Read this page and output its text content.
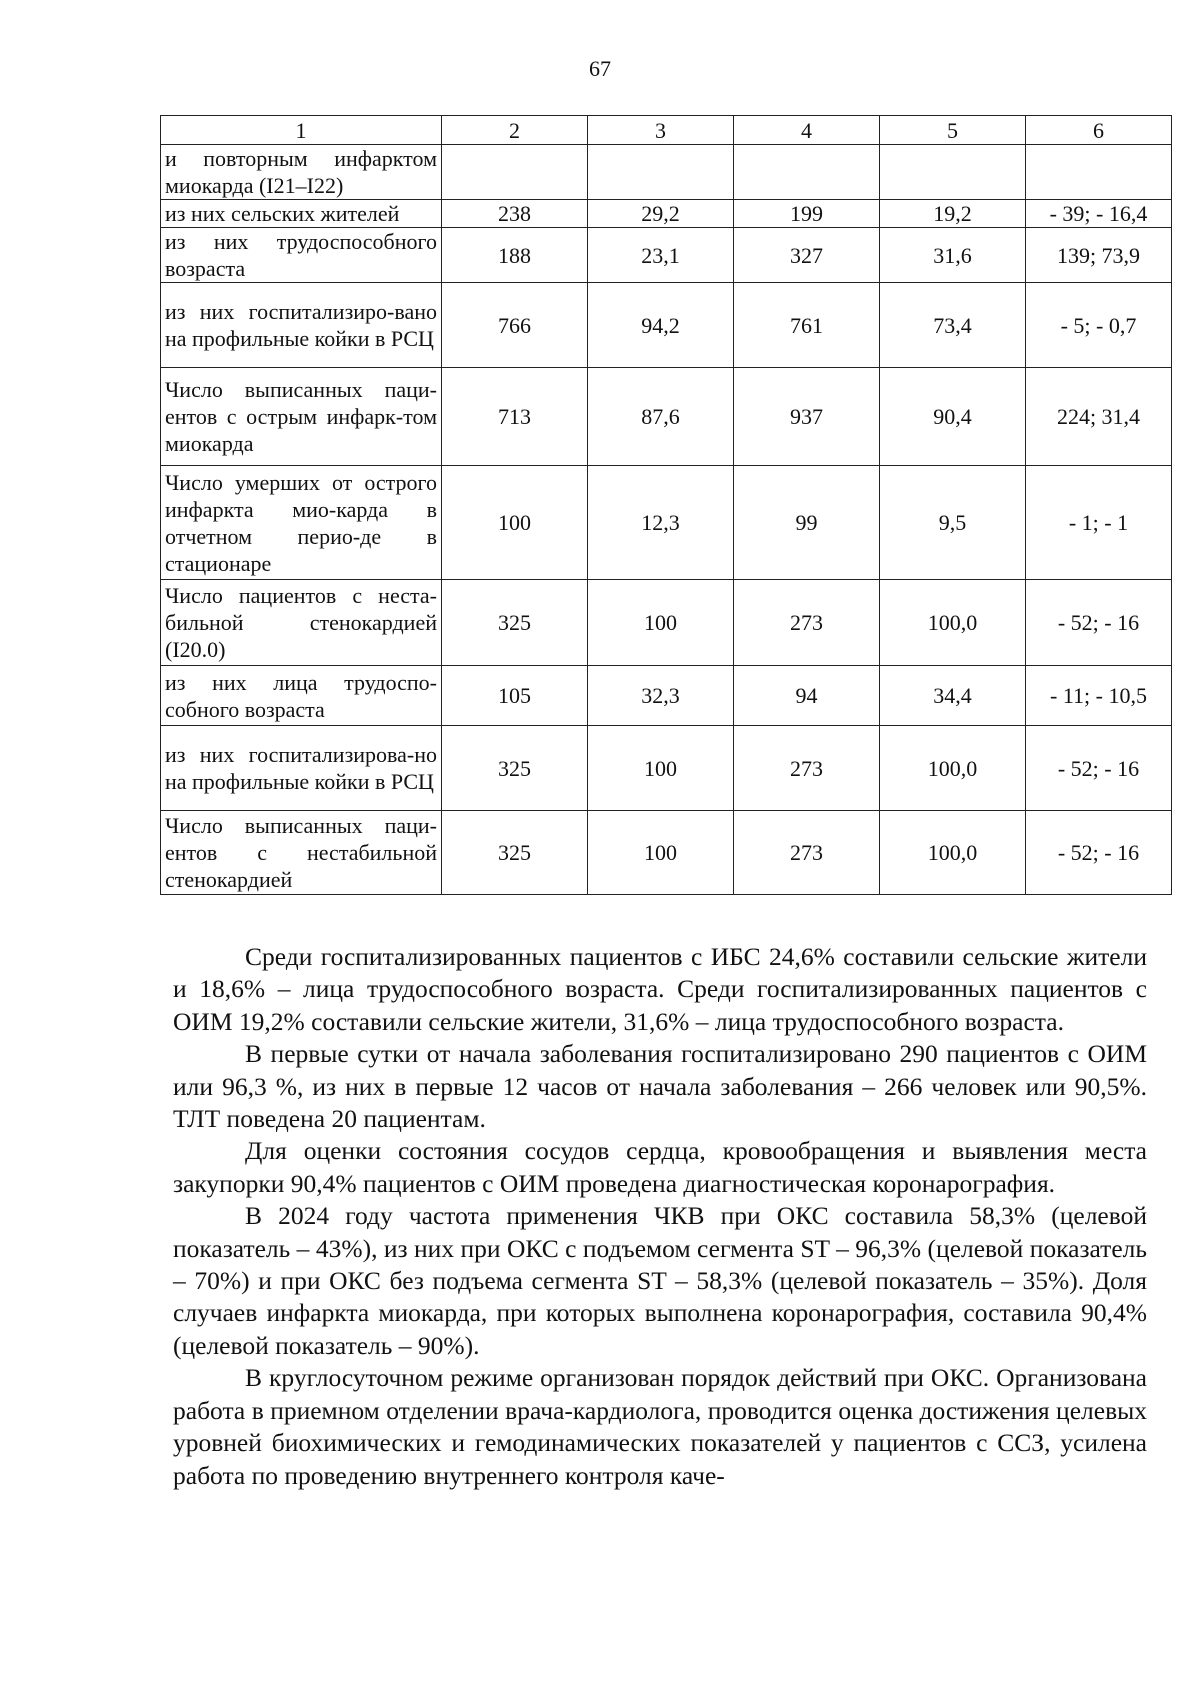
67
1	2	3	4	5	6
и повторным инфарктом миокарда (I21–I22)					
из них сельских жителей	238	29,2	199	19,2	- 39; - 16,4
из них трудоспособного возраста	188	23,1	327	31,6	139; 73,9
из них госпитализиро-вано на профильные койки в РСЦ	766	94,2	761	73,4	- 5; - 0,7
Число выписанных паци-ентов с острым инфарк-том миокарда	713	87,6	937	90,4	224; 31,4
Число умерших от острого инфаркта мио-карда в отчетном перио-де в стационаре	100	12,3	99	9,5	- 1; - 1
Число пациентов с неста-бильной стенокардией (I20.0)	325	100	273	100,0	- 52; - 16
из них лица трудоспо-собного возраста	105	32,3	94	34,4	- 11; - 10,5
из них госпитализирова-но на профильные койки в РСЦ	325	100	273	100,0	- 52; - 16
Число выписанных паци-ентов с нестабильной стенокардией	325	100	273	100,0	- 52; - 16

Среди госпитализированных пациентов с ИБС 24,6% составили сельские жители и 18,6% – лица трудоспособного возраста. Среди госпитализированных пациентов с ОИМ 19,2% составили сельские жители, 31,6% – лица трудоспособного возраста.

В первые сутки от начала заболевания госпитализировано 290 пациентов с ОИМ или 96,3 %, из них в первые 12 часов от начала заболевания – 266 человек или 90,5%. ТЛТ поведена 20 пациентам.

Для оценки состояния сосудов сердца, кровообращения и выявления места закупорки 90,4% пациентов с ОИМ проведена диагностическая коронарография.

В 2024 году частота применения ЧКВ при ОКС составила 58,3% (целевой показатель – 43%), из них при ОКС с подъемом сегмента ST – 96,3% (целевой показатель – 70%) и при ОКС без подъема сегмента ST – 58,3% (целевой показатель – 35%). Доля случаев инфаркта миокарда, при которых выполнена коронарография, составила 90,4% (целевой показатель – 90%).

В круглосуточном режиме организован порядок действий при ОКС. Организована работа в приемном отделении врача-кардиолога, проводится оценка достижения целевых уровней биохимических и гемодинамических показателей у пациентов с ССЗ, усилена работа по проведению внутреннего контроля каче-
